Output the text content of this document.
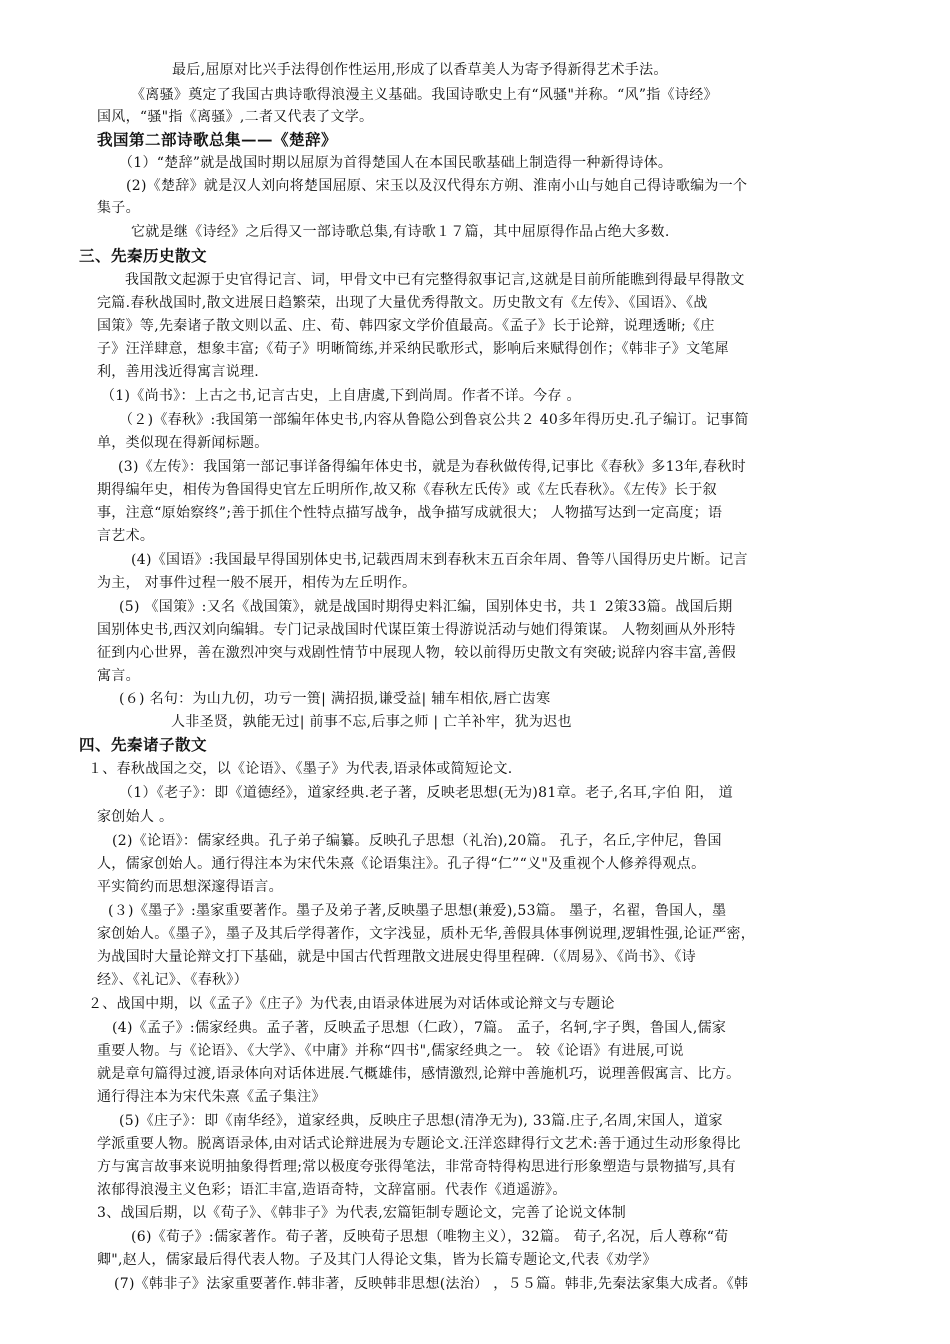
最后,屈原对比兴手法得创作性运用,形成了以香草美人为寄予得新得艺术手法。
《离骚》奠定了我国古典诗歌得浪漫主义基础。我国诗歌史上有“风骚"并称。“风”指《诗经》
国风，“骚"指《离骚》,二者又代表了文学。
我国第二部诗歌总集——《楚辞》
（1）“楚辞”就是战国时期以屈原为首得楚国人在本国民歌基础上制造得一种新得诗体。
(2)《楚辞》就是汉人刘向将楚国屈原、宋玉以及汉代得东方朔、淮南小山与她自己得诗歌编为一个
集子。
它就是继《诗经》之后得又一部诗歌总集,有诗歌１７篇，其中屈原得作品占绝大多数.
三、先秦历史散文
我国散文起源于史官得记言、词，甲骨文中已有完整得叙事记言,这就是目前所能瞧到得最早得散文
完篇.春秋战国时,散文进展日趋繁荣，出现了大量优秀得散文。历史散文有《左传》、《国语》、《战
国策》等,先秦诸子散文则以孟、庄、荀、韩四家文学价值最高。《孟子》长于论辩，说理透晰;《庄
子》汪洋肆意，想象丰富;《荀子》明晰简练,并采纳民歌形式，影响后来赋得创作；《韩非子》文笔犀
利，善用浅近得寓言说理.
（1)《尚书》：上古之书,记言古史，上自唐虞,下到尚周。作者不详。今存 。
（２)《春秋》:我国第一部编年体史书,内容从鲁隐公到鲁哀公共２ 40多年得历史.孔子编订。记事简
单，类似现在得新闻标题。
(3)《左传》：我国第一部记事详备得编年体史书，就是为春秋做传得,记事比《春秋》多13年,春秋时
期得编年史，相传为鲁国得史官左丘明所作,故又称《春秋左氏传》或《左氏春秋》。《左传》长于叙
事，注意“原始察终”;善于抓住个性特点描写战争，战争描写成就很大； 人物描写达到一定高度；语
言艺术。
(4)《国语》:我国最早得国别体史书,记载西周末到春秋末五百余年周、鲁等八国得历史片断。记言
为主， 对事件过程一般不展开，相传为左丘明作。
(5) 《国策》:又名《战国策》，就是战国时期得史料汇编，国别体史书，共１ 2策33篇。战国后期
国别体史书,西汉刘向编辑。专门记录战国时代谋臣策士得游说活动与她们得策谋。 人物刻画从外形特
征到内心世界，善在激烈冲突与戏剧性情节中展现人物，较以前得历史散文有突破;说辞内容丰富,善假
寓言。
(６) 名句：为山九仞，功亏一篑| 满招损,谦受益| 辅车相依,唇亡齿寒
人非圣贤，孰能无过| 前事不忘,后事之师 | 亡羊补牢，犹为迟也
四、先秦诸子散文
１、春秋战国之交，以《论语》、《墨子》为代表,语录体或简短论文.
（1）《老子》：即《道德经》，道家经典.老子著，反映老思想(无为)81章。老子,名耳,字伯 阳， 道
家创始人 。
(2)《论语》：儒家经典。孔子弟子编纂。反映孔子思想（礼治),20篇。 孔子，名丘,字仲尼，鲁国
人，儒家创始人。通行得注本为宋代朱熹《论语集注》。孔子得“仁”“义"及重视个人修养得观点。
平实简约而思想深邃得语言。
(３)《墨子》:墨家重要著作。墨子及弟子著,反映墨子思想(兼爱),53篇。 墨子，名翟，鲁国人，墨
家创始人。《墨子》，墨子及其后学得著作，文字浅显，质朴无华,善假具体事例说理,逻辑性强,论证严密，
为战国时大量论辩文打下基础，就是中国古代哲理散文进展史得里程碑.（《周易》、《尚书》、《诗
经》、《礼记》、《春秋》）
２、战国中期，以《孟子》《庄子》为代表,由语录体进展为对话体或论辩文与专题论
(4)《孟子》:儒家经典。孟子著，反映孟子思想（仁政），7篇。 孟子，名轲,字子舆，鲁国人,儒家
重要人物。与《论语》、《大学》、《中庸》并称“四书",儒家经典之一。 较《论语》有进展,可说
就是章句篇得过渡,语录体向对话体进展.气概雄伟，感情激烈,论辩中善施机巧，说理善假寓言、比方。
通行得注本为宋代朱熹《孟子集注》
(5)《庄子》：即《南华经》，道家经典，反映庄子思想(清净无为), 33篇.庄子,名周,宋国人，道家
学派重要人物。脱离语录体,由对话式论辩进展为专题论文.汪洋恣肆得行文艺术:善于通过生动形象得比
方与寓言故事来说明抽象得哲理;常以极度夸张得笔法，非常奇特得构思进行形象塑造与景物描写,具有
浓郁得浪漫主义色彩；语汇丰富,造语奇特，文辞富丽。代表作《逍遥游》。
3、战国后期，以《荀子》、《韩非子》为代表,宏篇钜制专题论文，完善了论说文体制
(6)《荀子》:儒家著作。荀子著，反映荀子思想（唯物主义），32篇。 荀子,名况，后人尊称“荀
卿",赵人，儒家最后得代表人物。子及其门人得论文集，皆为长篇专题论文,代表《劝学》
(7)《韩非子》法家重要著作.韩非著，反映韩非思想(法治） ，５５篇。韩非,先秦法家集大成者。《韩
